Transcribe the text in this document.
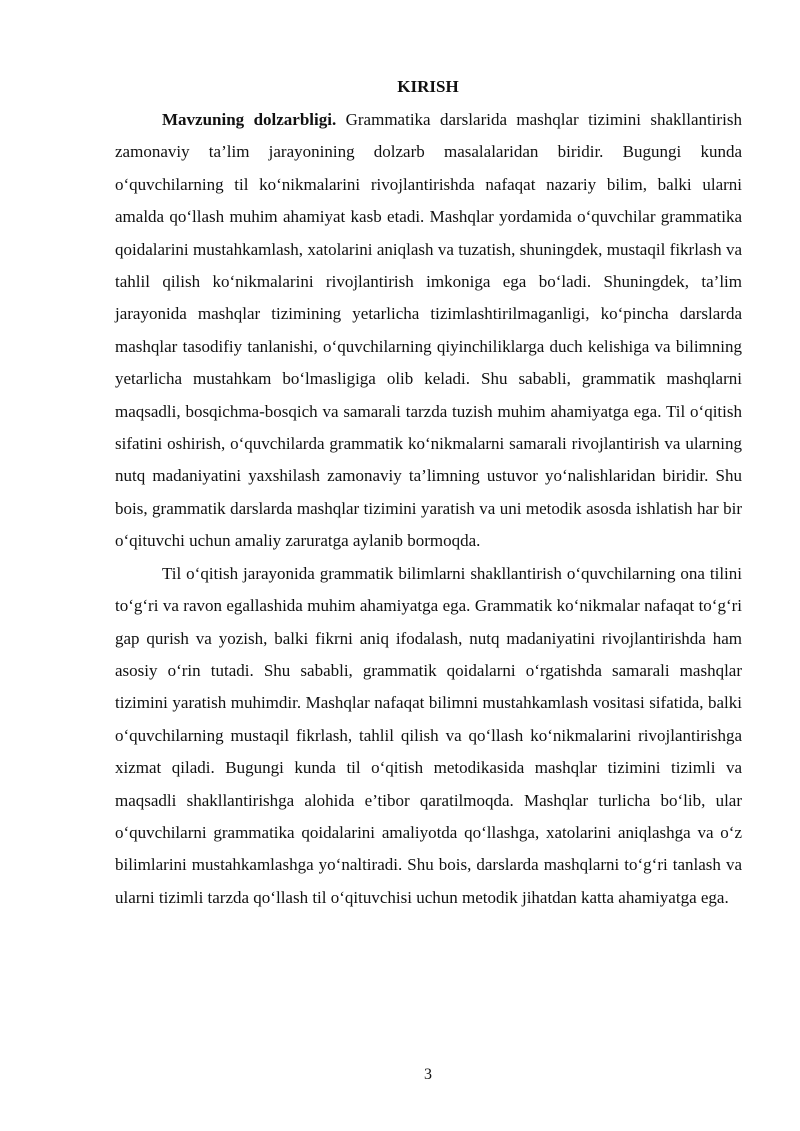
KIRISH

Mavzuning dolzarbligi. Grammatika darslarida mashqlar tizimini shakllantirish zamonaviy ta’lim jarayonining dolzarb masalalaridan biridir. Bugungi kunda o‘quvchilarning til ko‘nikmalarini rivojlantirishda nafaqat nazariy bilim, balki ularni amalda qo‘llash muhim ahamiyat kasb etadi. Mashqlar yordamida o‘quvchilar grammatika qoidalarini mustahkamlash, xatolarini aniqlash va tuzatish, shuningdek, mustaqil fikrlash va tahlil qilish ko‘nikmalarini rivojlantirish imkoniga ega bo‘ladi. Shuningdek, ta’lim jarayonida mashqlar tizimining yetarlicha tizimlashtirilmaganligi, ko‘pincha darslarda mashqlar tasodifiy tanlanishi, o‘quvchilarning qiyinchiliklarga duch kelishiga va bilimning yetarlicha mustahkam bo‘lmasligiga olib keladi. Shu sababli, grammatik mashqlarni maqsadli, bosqichma-bosqich va samarali tarzda tuzish muhim ahamiyatga ega. Til o‘qitish sifatini oshirish, o‘quvchilarda grammatik ko‘nikmalarni samarali rivojlantirish va ularning nutq madaniyatini yaxshilash zamonaviy ta’limning ustuvor yo‘nalishlaridan biridir. Shu bois, grammatik darslarda mashqlar tizimini yaratish va uni metodik asosda ishlatish har bir o‘qituvchi uchun amaliy zaruratga aylanib bormoqda.

Til o‘qitish jarayonida grammatik bilimlarni shakllantirish o‘quvchilarning ona tilini to‘g‘ri va ravon egallashida muhim ahamiyatga ega. Grammatik ko‘nikmalar nafaqat to‘g‘ri gap qurish va yozish, balki fikrni aniq ifodalash, nutq madaniyatini rivojlantirishda ham asosiy o‘rin tutadi. Shu sababli, grammatik qoidalarni o‘rgatishda samarali mashqlar tizimini yaratish muhimdir. Mashqlar nafaqat bilimni mustahkamlash vositasi sifatida, balki o‘quvchilarning mustaqil fikrlash, tahlil qilish va qo‘llash ko‘nikmalarini rivojlantirishga xizmat qiladi. Bugungi kunda til o‘qitish metodikasida mashqlar tizimini tizimli va maqsadli shakllantirishga alohida e’tibor qaratilmoqda. Mashqlar turlicha bo‘lib, ular o‘quvchilarni grammatika qoidalarini amaliyotda qo‘llashga, xatolarini aniqlashga va o‘z bilimlarini mustahkamlashga yo‘naltiradi. Shu bois, darslarda mashqlarni to‘g‘ri tanlash va ularni tizimli tarzda qo‘llash til o‘qituvchisi uchun metodik jihatdan katta ahamiyatga ega.

3
